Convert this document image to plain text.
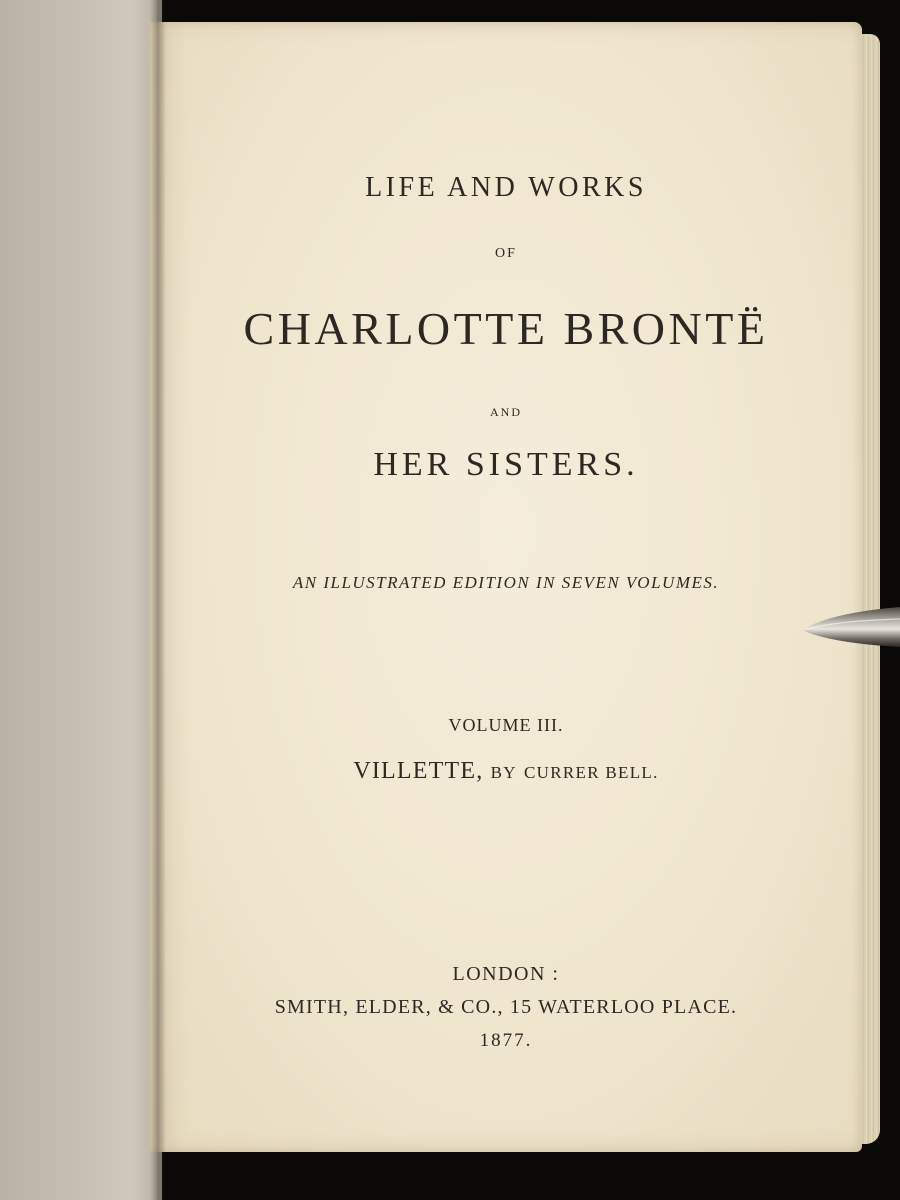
LIFE AND WORKS
OF
CHARLOTTE BRONTË
AND
HER SISTERS.
AN ILLUSTRATED EDITION IN SEVEN VOLUMES.
VOLUME III.
VILLETTE, BY CURRER BELL.
LONDON :
SMITH, ELDER, & CO., 15 WATERLOO PLACE.
1877.
